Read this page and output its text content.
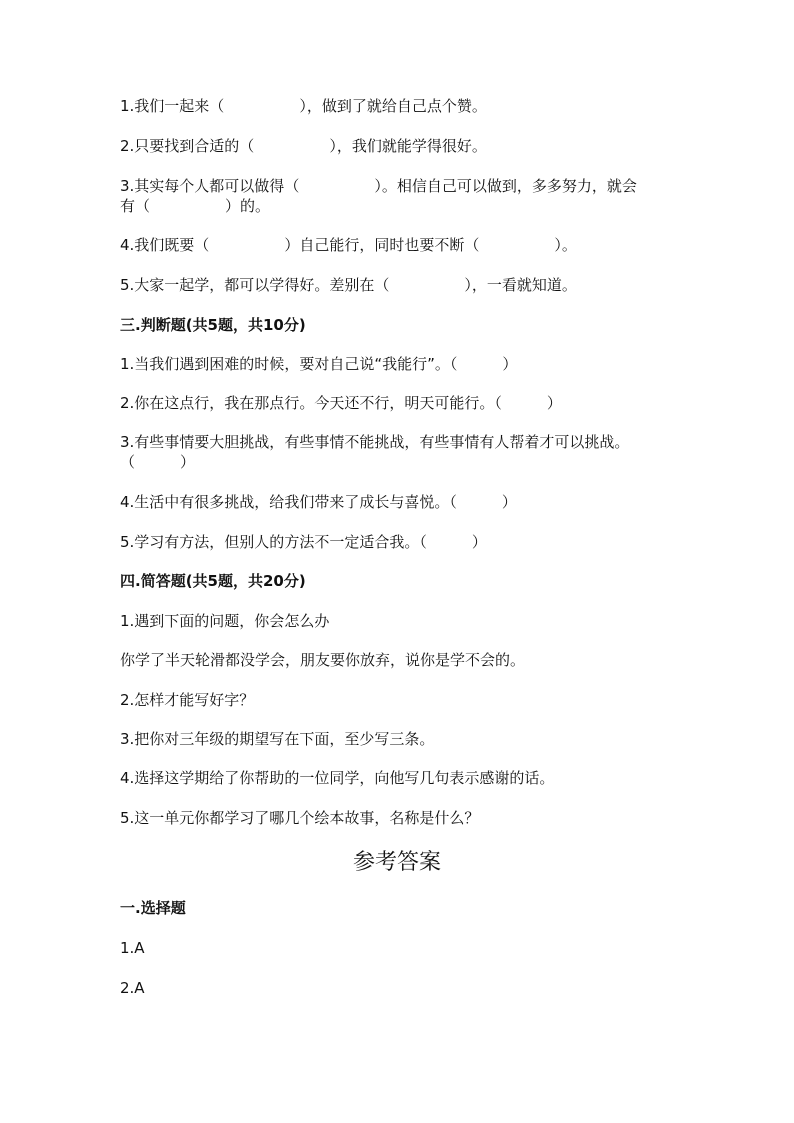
1.我们一起来（　　　　　），做到了就给自己点个赞。
2.只要找到合适的（　　　　　），我们就能学得很好。
3.其实每个人都可以做得（　　　　　）。相信自己可以做到，多多努力，就会
有（　　　　　）的。
4.我们既要（　　　　　）自己能行，同时也要不断（　　　　　）。
5.大家一起学，都可以学得好。差别在（　　　　　），一看就知道。
三.判断题(共5题，共10分)
1.当我们遇到困难的时候，要对自己说“我能行”。（　　　）
2.你在这点行，我在那点行。今天还不行，明天可能行。（　　　）
3.有些事情要大胆挑战，有些事情不能挑战，有些事情有人帮着才可以挑战。
（　　　）
4.生活中有很多挑战，给我们带来了成长与喜悦。（　　　）
5.学习有方法，但别人的方法不一定适合我。（　　　）
四.简答题(共5题，共20分)
1.遇到下面的问题，你会怎么办
你学了半天轮滑都没学会，朋友要你放弃，说你是学不会的。
2.怎样才能写好字？
3.把你对三年级的期望写在下面，至少写三条。
4.选择这学期给了你帮助的一位同学，向他写几句表示感谢的话。
5.这一单元你都学习了哪几个绘本故事，名称是什么？
参考答案
一.选择题
1.A
2.A
